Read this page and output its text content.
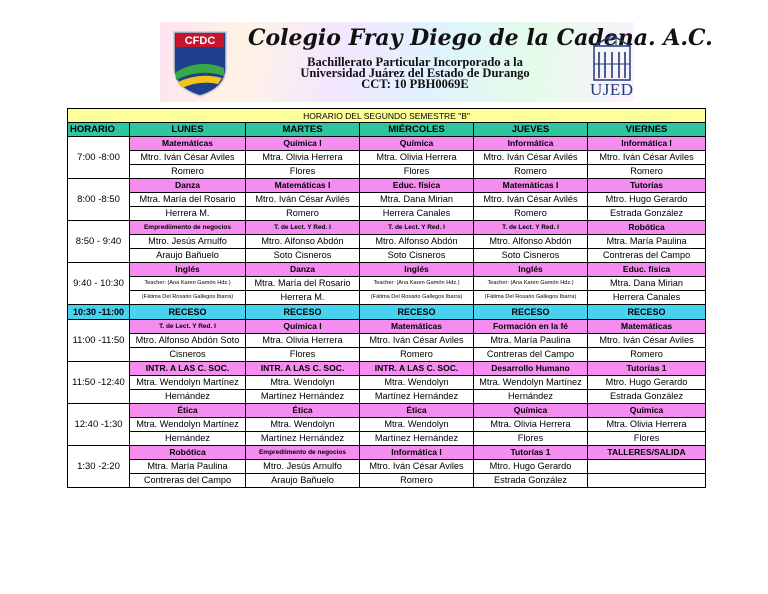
CFDC Colegio Fray Diego de la Cadena. A.C.
Bachillerato Particular Incorporado a la
Universidad Juárez del Estado de Durango
CCT: 10 PBH0069E	UJED
HORARIO DEL SEGUNDO SEMESTRE "B"					
HORARIO	LUNES	MARTES	MIÉRCOLES	JUEVES	VIERNES
7:00 -8:00	Matemáticas	Química I	Química	Informática	Informática I
	Mtro. Iván César Aviles	Mtra. Olivia Herrera	Mtra. Olivia Herrera	Mtro. Iván César Avilés	Mtro. Iván César Aviles
	Romero	Flores	Flores	Romero	Romero
8:00 -8:50	Danza	Matemáticas I	Educ. física	Matemáticas I	Tutorías
	Mtra. María del Rosario	Mtro. Iván César Avilés	Mtra. Dana Mirian	Mtro. Iván César Avilés	Mtro. Hugo Gerardo
	Herrera M.	Romero	Herrera Canales	Romero	Estrada González
8:50 - 9:40	Emprediimento de negocios	T. de Lect. Y Red. I	T. de Lect. Y Red. I	T. de Lect. Y Red. I	Robótica
	Mtro. Jesús Arnulfo	Mtro. Alfonso Abdón	Mtro. Alfonso Abdón	Mtro. Alfonso Abdón	Mtra. María Paulina
	Araujo Bañuelo	Soto Cisneros	Soto Cisneros	Soto Cisneros	Contreras del Campo
9:40 - 10:30	Inglés	Danza	Inglés	Inglés	Educ. física
	Teacher: (Ana Karen Gamón Hdz.)	Mtra. María del Rosario	Teacher: (Ana Karen Gamón Hdz.)	Teacher: (Ana Karen Gamón Hdz.)	Mtra. Dana Mirian
	(Fátima Del Rosario Gallegos Ibarra)	Herrera M.	(Fátima Del Rosario Gallegos Ibarra)	(Fátima Del Rosario Gallegos Ibarra)	Herrera Canales
10:30 -11:00	RECESO	RECESO	RECESO	RECESO	RECESO
11:00 -11:50	T. de Lect. Y Red. I	Química I	Matemáticas	Formación en la fé	Matemáticas
	Mtro. Alfonso Abdón Soto	Mtra. Olivia Herrera	Mtro. Iván César Aviles	Mtra. María Paulina	Mtro. Iván César Aviles
	Cisneros	Flores	Romero	Contreras del Campo	Romero
11:50 -12:40	INTR. A LAS C. SOC.	INTR. A LAS C. SOC.	INTR. A LAS C. SOC.	Desarrollo Humano	Tutorías 1
	Mtra. Wendolyn Martínez	Mtra. Wendolyn	Mtra. Wendolyn	Mtra. Wendolyn Martínez	Mtro. Hugo Gerardo
	Hernández	Martínez Hernández	Martínez Hernández	Hernández	Estrada González
12:40 -1:30	Ética	Ética	Ética	Química	Química
	Mtra. Wendolyn Martínez	Mtra. Wendolyn	Mtra. Wendolyn	Mtra. Olivia Herrera	Mtra. Olivia Herrera
	Hernández	Martínez Hernández	Martínez Hernández	Flores	Flores
1:30 -2:20	Robótica	Emprediimento de negocios	Informática I	Tutorías 1	TALLERES/SALIDA
	Mtra. María Paulina	Mtro. Jesús Arnulfo	Mtro. Iván César Aviles	Mtro. Hugo Gerardo	
	Contreras del Campo	Araujo Bañuelo	Romero	Estrada González	
